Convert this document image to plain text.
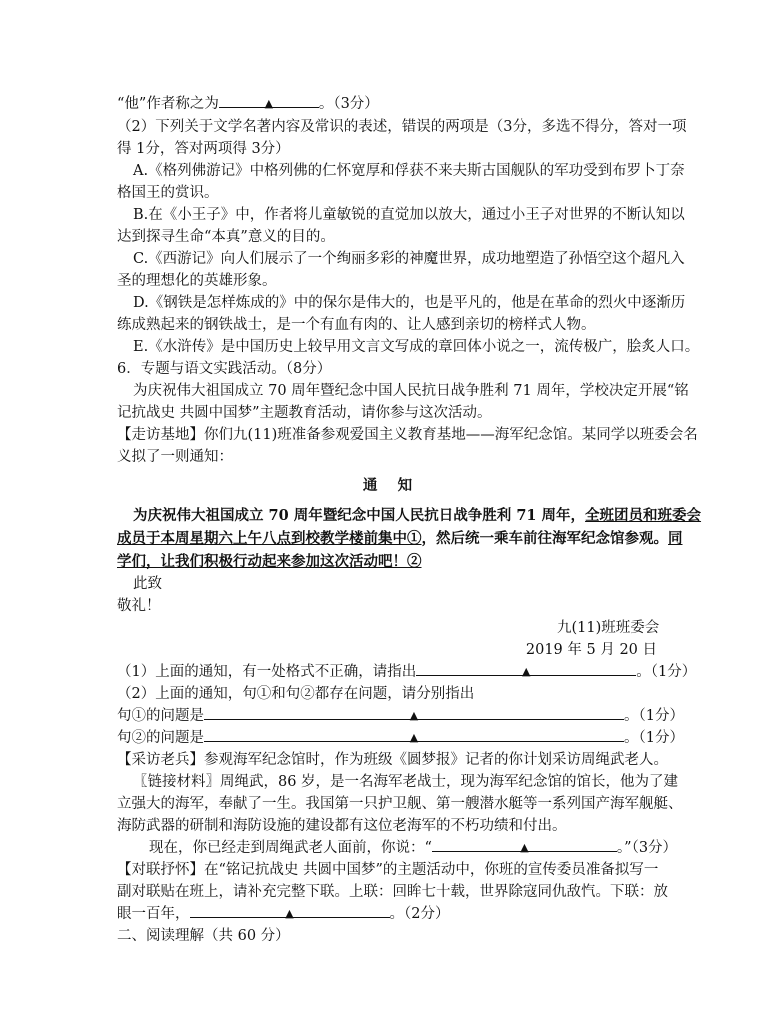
“他”作者称之为	▲	。（3分）
（2）下列关于文学名著内容及常识的表述，错误的两项是（3分，多选不得分，答对一项
得 1分，答对两项得 3分）
A.《格列佛游记》中格列佛的仁怀宽厚和俘获不来夫斯古国舰队的军功受到布罗卜丁奈
格国王的赏识。
B.在《小王子》中，作者将儿童敏锐的直觉加以放大，通过小王子对世界的不断认知以
达到探寻生命“本真”意义的目的。
C.《西游记》向人们展示了一个绚丽多彩的神魔世界，成功地塑造了孙悟空这个超凡入
圣的理想化的英雄形象。
D.《钢铁是怎样炼成的》中的保尔是伟大的，也是平凡的，他是在革命的烈火中逐渐历
练成熟起来的钢铁战士，是一个有血有肉的、让人感到亲切的榜样式人物。
E.《水浒传》是中国历史上较早用文言文写成的章回体小说之一，流传极广，脍炙人口。
6．专题与语文实践活动。（8分）
为庆祝伟大祖国成立 70 周年暨纪念中国人民抗日战争胜利 71 周年，学校决定开展“铭
记抗战史 共圆中国梦”主题教育活动，请你参与这次活动。
【走访基地】你们九(11)班准备参观爱国主义教育基地——海军纪念馆。某同学以班委会名
义拟了一则通知：
通    知
为庆祝伟大祖国成立 70 周年暨纪念中国人民抗日战争胜利 71 周年，全班团员和班委会
成员于本周星期六上午八点到校教学楼前集中①，然后统一乘车前往海军纪念馆参观。同
学们，让我们积极行动起来参加这次活动吧！②
此致
敬礼！
九(11)班班委会
2019 年 5 月 20 日
（1）上面的通知，有一处格式不正确，请指出	▲	。（1分）
（2）上面的通知，句①和句②都存在问题，请分别指出
句①的问题是	▲	。（1分）
句②的问题是	▲	。（1分）
【采访老兵】参观海军纪念馆时，作为班级《圆梦报》记者的你计划采访周绳武老人。
〖链接材料〗周绳武，86 岁，是一名海军老战士，现为海军纪念馆的馆长，他为了建
立强大的海军，奉献了一生。我国第一只护卫舰、第一艘潜水艇等一系列国产海军舰艇、
海防武器的研制和海防设施的建设都有这位老海军的不朽功绩和付出。
现在，你已经走到周绳武老人面前，你说：“	▲	。”（3分）
【对联抒怀】在“铭记抗战史 共圆中国梦”的主题活动中，你班的宣传委员准备拟写一
副对联贴在班上，请补充完整下联。上联：回眸七十载，世界除寇同仇敌忾。下联：放
眼一百年，	▲	。（2分）
二、阅读理解（共 60 分）
